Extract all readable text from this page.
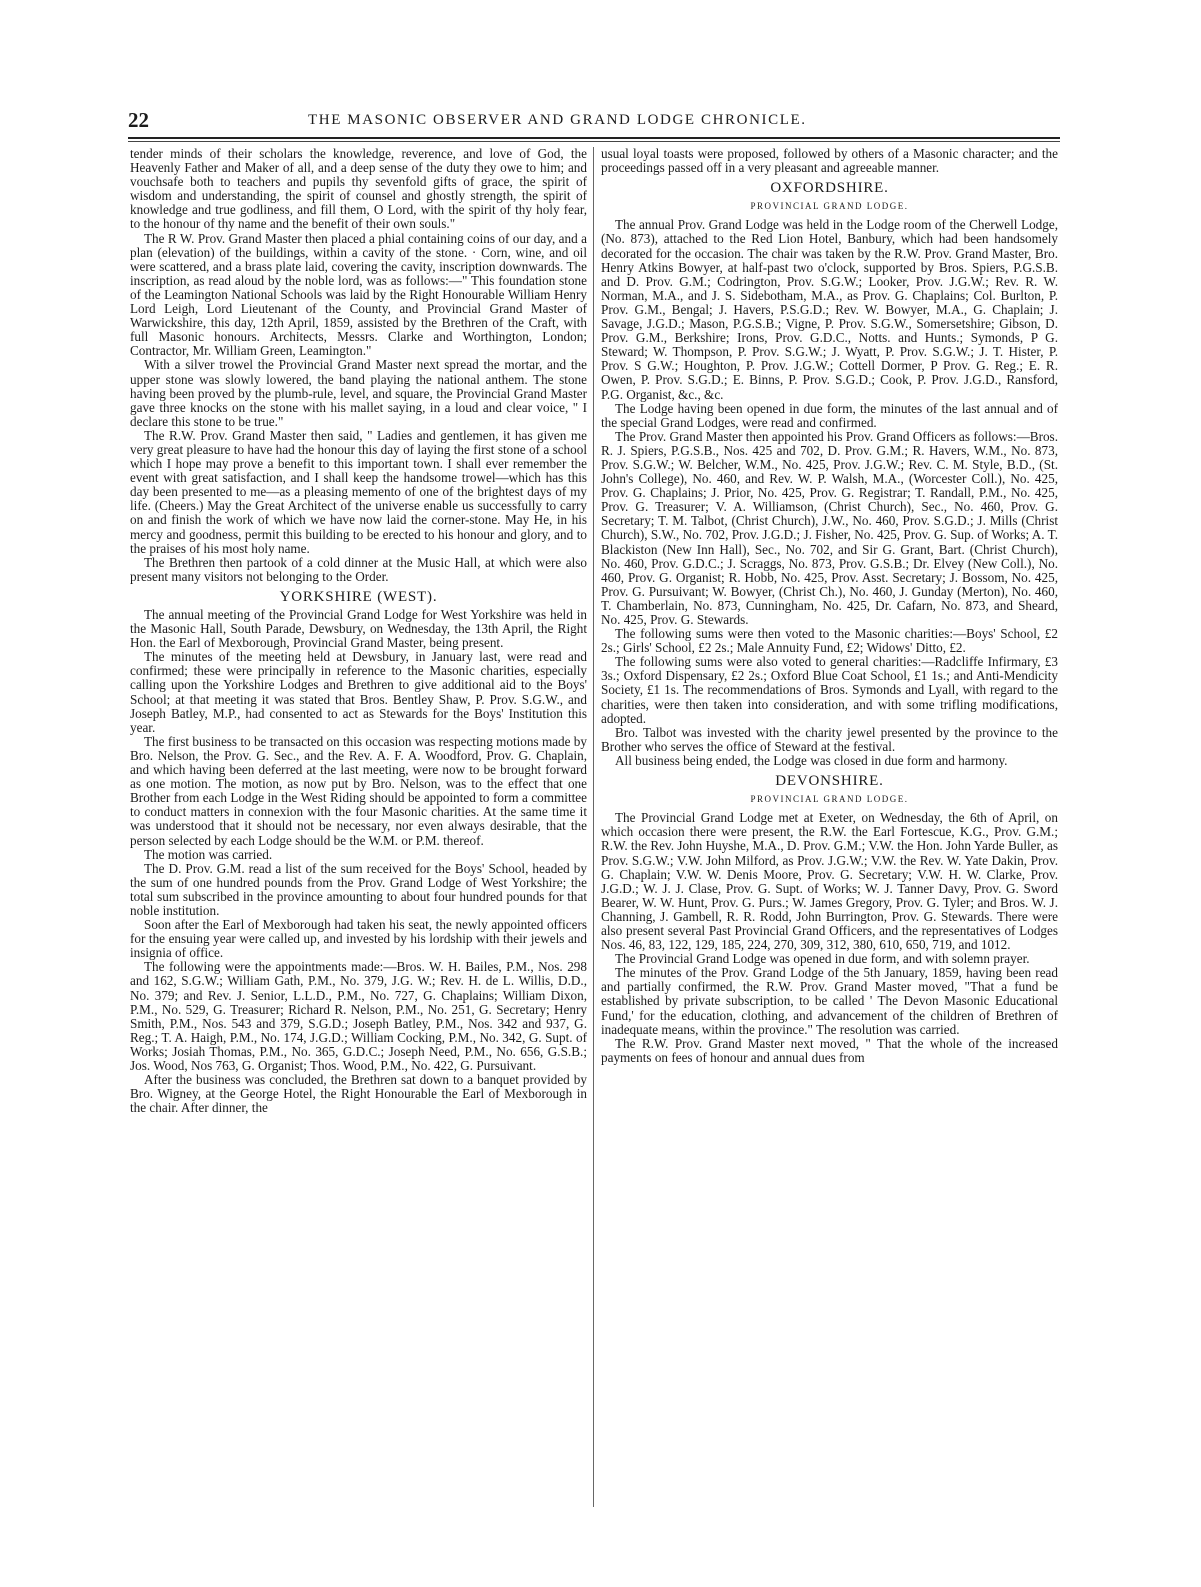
22	THE MASONIC OBSERVER AND GRAND LODGE CHRONICLE.

tender minds of their scholars the knowledge, reverence, and love of God, the Heavenly Father and Maker of all, and a deep sense of the duty they owe to him; and vouchsafe both to teachers and pupils thy sevenfold gifts of grace, the spirit of wisdom and understanding, the spirit of counsel and ghostly strength, the spirit of knowledge and true godliness, and fill them, O Lord, with the spirit of thy holy fear, to the honour of thy name and the benefit of their own souls."

The R W. Prov. Grand Master then placed a phial containing coins of our day, and a plan (elevation) of the buildings, within a cavity of the stone. · Corn, wine, and oil were scattered, and a brass plate laid, covering the cavity, inscription downwards. The inscription, as read aloud by the noble lord, was as follows:—" This foundation stone of the Leamington National Schools was laid by the Right Honourable William Henry Lord Leigh, Lord Lieutenant of the County, and Provincial Grand Master of Warwickshire, this day, 12th April, 1859, assisted by the Brethren of the Craft, with full Masonic honours. Architects, Messrs. Clarke and Worthington, London; Contractor, Mr. William Green, Leamington."

With a silver trowel the Provincial Grand Master next spread the mortar, and the upper stone was slowly lowered, the band playing the national anthem. The stone having been proved by the plumb-rule, level, and square, the Provincial Grand Master gave three knocks on the stone with his mallet saying, in a loud and clear voice, " I declare this stone to be true."

The R.W. Prov. Grand Master then said, " Ladies and gentlemen, it has given me very great pleasure to have had the honour this day of laying the first stone of a school which I hope may prove a benefit to this important town. I shall ever remember the event with great satisfaction, and I shall keep the handsome trowel—which has this day been presented to me—as a pleasing memento of one of the brightest days of my life. (Cheers.) May the Great Architect of the universe enable us successfully to carry on and finish the work of which we have now laid the corner-stone. May He, in his mercy and goodness, permit this building to be erected to his honour and glory, and to the praises of his most holy name.

The Brethren then partook of a cold dinner at the Music Hall, at which were also present many visitors not belonging to the Order.

YORKSHIRE (WEST).

The annual meeting of the Provincial Grand Lodge for West Yorkshire was held in the Masonic Hall, South Parade, Dewsbury, on Wednesday, the 13th April, the Right Hon. the Earl of Mexborough, Provincial Grand Master, being present.

The minutes of the meeting held at Dewsbury, in January last, were read and confirmed; these were principally in reference to the Masonic charities, especially calling upon the Yorkshire Lodges and Brethren to give additional aid to the Boys' School; at that meeting it was stated that Bros. Bentley Shaw, P. Prov. S.G.W., and Joseph Batley, M.P., had consented to act as Stewards for the Boys' Institution this year.

The first business to be transacted on this occasion was respecting motions made by Bro. Nelson, the Prov. G. Sec., and the Rev. A. F. A. Woodford, Prov. G. Chaplain, and which having been deferred at the last meeting, were now to be brought forward as one motion. The motion, as now put by Bro. Nelson, was to the effect that one Brother from each Lodge in the West Riding should be appointed to form a committee to conduct matters in connexion with the four Masonic charities. At the same time it was understood that it should not be necessary, nor even always desirable, that the person selected by each Lodge should be the W.M. or P.M. thereof.

The motion was carried.

The D. Prov. G.M. read a list of the sum received for the Boys' School, headed by the sum of one hundred pounds from the Prov. Grand Lodge of West Yorkshire; the total sum subscribed in the province amounting to about four hundred pounds for that noble institution.

Soon after the Earl of Mexborough had taken his seat, the newly appointed officers for the ensuing year were called up, and invested by his lordship with their jewels and insignia of office.

The following were the appointments made:—Bros. W. H. Bailes, P.M., Nos. 298 and 162, S.G.W.; William Gath, P.M., No. 379, J.G. W.; Rev. H. de L. Willis, D.D., No. 379; and Rev. J. Senior, L.L.D., P.M., No. 727, G. Chaplains; William Dixon, P.M., No. 529, G. Treasurer; Richard R. Nelson, P.M., No. 251, G. Secretary; Henry Smith, P.M., Nos. 543 and 379, S.G.D.; Joseph Batley, P.M., Nos. 342 and 937, G. Reg.; T. A. Haigh, P.M., No. 174, J.G.D.; William Cocking, P.M., No. 342, G. Supt. of Works; Josiah Thomas, P.M., No. 365, G.D.C.; Joseph Need, P.M., No. 656, G.S.B.; Jos. Wood, Nos 763, G. Organist; Thos. Wood, P.M., No. 422, G. Pursuivant.

After the business was concluded, the Brethren sat down to a banquet provided by Bro. Wigney, at the George Hotel, the Right Honourable the Earl of Mexborough in the chair. After dinner, the

usual loyal toasts were proposed, followed by others of a Masonic character; and the proceedings passed off in a very pleasant and agreeable manner.

OXFORDSHIRE.
PROVINCIAL GRAND LODGE.

The annual Prov. Grand Lodge was held in the Lodge room of the Cherwell Lodge, (No. 873), attached to the Red Lion Hotel, Banbury, which had been handsomely decorated for the occasion. The chair was taken by the R.W. Prov. Grand Master, Bro. Henry Atkins Bowyer, at half-past two o'clock, supported by Bros. Spiers, P.G.S.B. and D. Prov. G.M.; Codrington, Prov. S.G.W.; Looker, Prov. J.G.W.; Rev. R. W. Norman, M.A., and J. S. Sidebotham, M.A., as Prov. G. Chaplains; Col. Burlton, P. Prov. G.M., Bengal; J. Havers, P.S.G.D.; Rev. W. Bowyer, M.A., G. Chaplain; J. Savage, J.G.D.; Mason, P.G.S.B.; Vigne, P. Prov. S.G.W., Somersetshire; Gibson, D. Prov. G.M., Berkshire; Irons, Prov. G.D.C., Notts. and Hunts.; Symonds, P G. Steward; W. Thompson, P. Prov. S.G.W.; J. Wyatt, P. Prov. S.G.W.; J. T. Hister, P. Prov. S G.W.; Houghton, P. Prov. J.G.W.; Cottell Dormer, P Prov. G. Reg.; E. R. Owen, P. Prov. S.G.D.; E. Binns, P. Prov. S.G.D.; Cook, P. Prov. J.G.D., Ransford, P.G. Organist, &c., &c.

The Lodge having been opened in due form, the minutes of the last annual and of the special Grand Lodges, were read and confirmed.

The Prov. Grand Master then appointed his Prov. Grand Officers as follows:—Bros. R. J. Spiers, P.G.S.B., Nos. 425 and 702, D. Prov. G.M.; R. Havers, W.M., No. 873, Prov. S.G.W.; W. Belcher, W.M., No. 425, Prov. J.G.W.; Rev. C. M. Style, B.D., (St. John's College), No. 460, and Rev. W. P. Walsh, M.A., (Worcester Coll.), No. 425, Prov. G. Chaplains; J. Prior, No. 425, Prov. G. Registrar; T. Randall, P.M., No. 425, Prov. G. Treasurer; V. A. Williamson, (Christ Church), Sec., No. 460, Prov. G. Secretary; T. M. Talbot, (Christ Church), J.W., No. 460, Prov. S.G.D.; J. Mills (Christ Church), S.W., No. 702, Prov. J.G.D.; J. Fisher, No. 425, Prov. G. Sup. of Works; A. T. Blackiston (New Inn Hall), Sec., No. 702, and Sir G. Grant, Bart. (Christ Church), No. 460, Prov. G.D.C.; J. Scraggs, No. 873, Prov. G.S.B.; Dr. Elvey (New Coll.), No. 460, Prov. G. Organist; R. Hobb, No. 425, Prov. Asst. Secretary; J. Bossom, No. 425, Prov. G. Pursuivant; W. Bowyer, (Christ Ch.), No. 460, J. Gunday (Merton), No. 460, T. Chamberlain, No. 873, Cunningham, No. 425, Dr. Cafarn, No. 873, and Sheard, No. 425, Prov. G. Stewards.

The following sums were then voted to the Masonic charities:—Boys' School, £2 2s.; Girls' School, £2 2s.; Male Annuity Fund, £2; Widows' Ditto, £2.

The following sums were also voted to general charities:—Radcliffe Infirmary, £3 3s.; Oxford Dispensary, £2 2s.; Oxford Blue Coat School, £1 1s.; and Anti-Mendicity Society, £1 1s. The recommendations of Bros. Symonds and Lyall, with regard to the charities, were then taken into consideration, and with some trifling modifications, adopted.

Bro. Talbot was invested with the charity jewel presented by the province to the Brother who serves the office of Steward at the festival.

All business being ended, the Lodge was closed in due form and harmony.

DEVONSHIRE.
PROVINCIAL GRAND LODGE.

The Provincial Grand Lodge met at Exeter, on Wednesday, the 6th of April, on which occasion there were present, the R.W. the Earl Fortescue, K.G., Prov. G.M.; R.W. the Rev. John Huyshe, M.A., D. Prov. G.M.; V.W. the Hon. John Yarde Buller, as Prov. S.G.W.; V.W. John Milford, as Prov. J.G.W.; V.W. the Rev. W. Yate Dakin, Prov. G. Chaplain; V.W. W. Denis Moore, Prov. G. Secretary; V.W. H. W. Clarke, Prov. J.G.D.; W. J. J. Clase, Prov. G. Supt. of Works; W. J. Tanner Davy, Prov. G. Sword Bearer, W. W. Hunt, Prov. G. Purs.; W. James Gregory, Prov. G. Tyler; and Bros. W. J. Channing, J. Gambell, R. R. Rodd, John Burrington, Prov. G. Stewards. There were also present several Past Provincial Grand Officers, and the representatives of Lodges Nos. 46, 83, 122, 129, 185, 224, 270, 309, 312, 380, 610, 650, 719, and 1012.

The Provincial Grand Lodge was opened in due form, and with solemn prayer.

The minutes of the Prov. Grand Lodge of the 5th January, 1859, having been read and partially confirmed, the R.W. Prov. Grand Master moved, "That a fund be established by private subscription, to be called ' The Devon Masonic Educational Fund,' for the education, clothing, and advancement of the children of Brethren of inadequate means, within the province." The resolution was carried.

The R.W. Prov. Grand Master next moved, " That the whole of the increased payments on fees of honour and annual dues from
